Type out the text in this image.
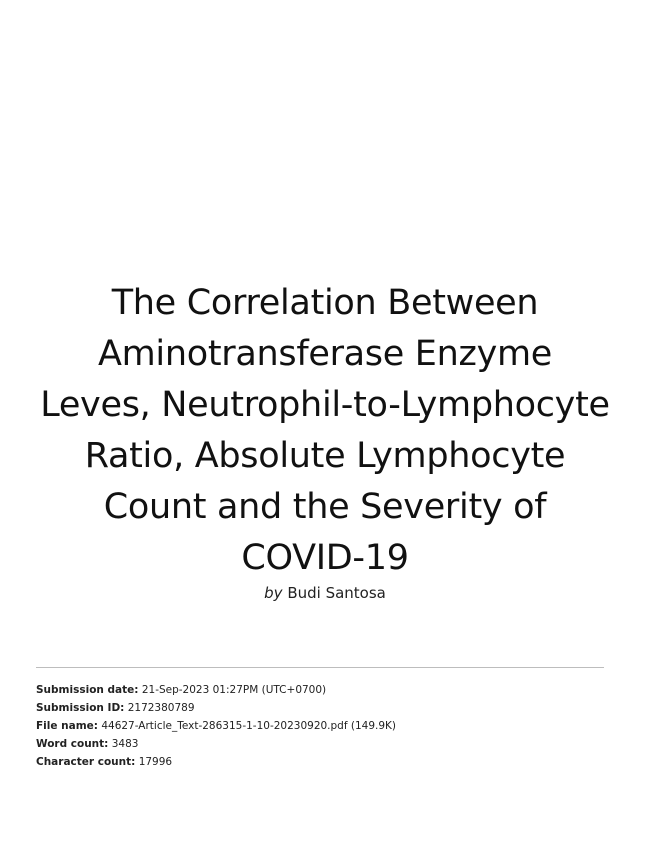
The Correlation Between Aminotransferase Enzyme Leves, Neutrophil-to-Lymphocyte Ratio, Absolute Lymphocyte Count and the Severity of COVID-19
by Budi Santosa
Submission date: 21-Sep-2023 01:27PM (UTC+0700)
Submission ID: 2172380789
File name: 44627-Article_Text-286315-1-10-20230920.pdf (149.9K)
Word count: 3483
Character count: 17996
